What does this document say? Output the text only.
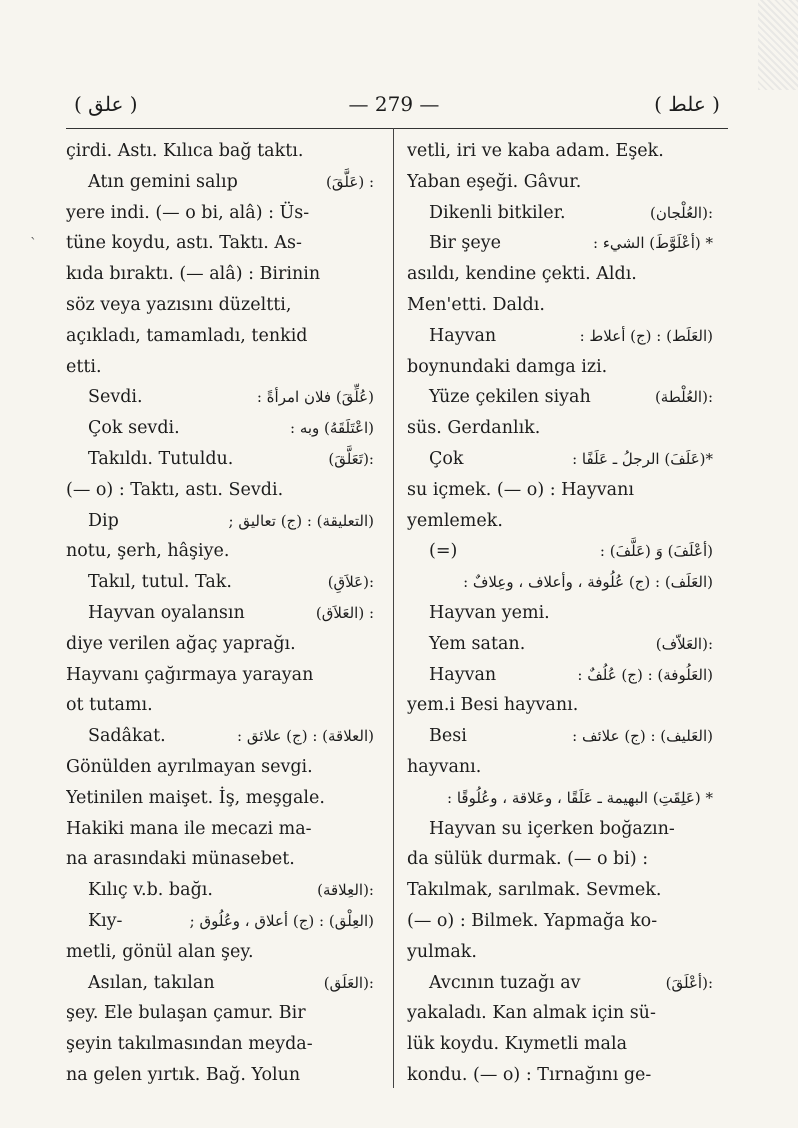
`
( علق )	— 279 —	( علط )
çirdi. Astı. Kılıca bağ taktı.
Atın gemini salıp	: (عَلَّقَ)
yere indi. (— o bi, alâ) : Üs-
tüne koydu, astı. Taktı. As-
kıda bıraktı. (— alâ) : Birinin
söz veya yazısını düzeltti,
açıkladı, tamamladı, tenkid
etti.
Sevdi.	(عُلِّقَ) فلان امرأةً :
Çok sevdi.	(اعْتَلَقَهُ) وبه :
Takıldı. Tutuldu.	:(تَعَلَّقَ)
(— o) : Taktı, astı. Sevdi.
Dip	(التعليقة) : (ج) تعاليق ;
notu, şerh, hâşiye.
Takıl, tutul. Tak.	:(عَلاَقِ)
Hayvan oyalansın	: (العَلاَق)
diye verilen ağaç yaprağı.
Hayvanı çağırmaya yarayan
ot tutamı.
Sadâkat.	(العلاقة) : (ج) علائق :
Gönülden ayrılmayan sevgi.
Yetinilen maişet. İş, meşgale.
Hakiki mana ile mecazi ma-
na arasındaki münasebet.
Kılıç v.b. bağı.	:(العِلاقة)
Kıy-	(العِلْق) : (ج) أعلاق ، وعُلُوق ;
metli, gönül alan şey.
Asılan, takılan	:(العَلَق)
şey. Ele bulaşan çamur. Bir
şeyin takılmasından meyda-
na gelen yırtık. Bağ. Yolun
vetli, iri ve kaba adam. Eşek.
Yaban eşeği. Gâvur.
Dikenli bitkiler.	:(العُلْجان)
Bir şeye	* (أعْلَوَّطَ) الشيء :
asıldı, kendine çekti. Aldı.
Men'etti. Daldı.
Hayvan	(العَلَط) : (ج) أعلاط :
boynundaki damga izi.
Yüze çekilen siyah	:(العُلْطة)
süs. Gerdanlık.
Çok	*(عَلَفَ) الرجلُ ـ عَلَفًا :
su içmek. (— o) : Hayvanı
yemlemek.
(=)	(أعْلَفَ) وَ (عَلَّفَ) :
(العَلَف) : (ج) عُلُوفة ، وأعلاف ، وعِلافٌ :
Hayvan yemi.
Yem satan.	:(العَلاّف)
Hayvan	(العَلُوفة) : (ج) عُلُفٌ :
yem.i Besi hayvanı.
Besi	(العَليف) : (ج) علائف :
hayvanı.
* (عَلِقَتِ) البهيمة ـ عَلَقًا ، وعَلاقة ، وعُلُوقًا :
Hayvan su içerken boğazın-
da sülük durmak. (— o bi) :
Takılmak, sarılmak. Sevmek.
(— o) : Bilmek. Yapmağa ko-
yulmak.
Avcının tuzağı av	:(أعْلَقَ)
yakaladı. Kan almak için sü-
lük koydu. Kıymetli mala
kondu. (— o) : Tırnağını ge-
